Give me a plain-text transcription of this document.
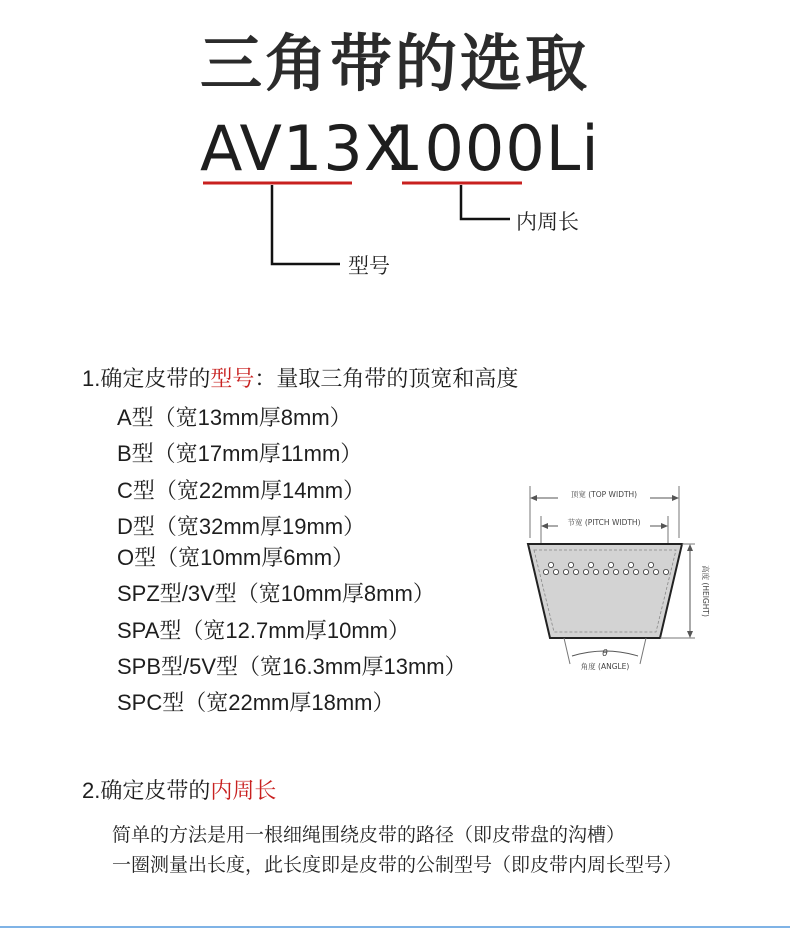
三角带的选取
AV13X
1000Li
型号
内周长
1.确定皮带的型号：量取三角带的顶宽和高度
A型（宽13mm厚8mm）
B型（宽17mm厚11mm）
C型（宽22mm厚14mm）
D型（宽32mm厚19mm）
O型（宽10mm厚6mm）
SPZ型/3V型（宽10mm厚8mm）
SPA型（宽12.7mm厚10mm）
SPB型/5V型（宽16.3mm厚13mm）
SPC型（宽22mm厚18mm）
顶宽 (TOP WIDTH)
节宽 (PITCH WIDTH)
高度 (HEIGHT)
θ
角度 (ANGLE)
2.确定皮带的内周长
简单的方法是用一根细绳围绕皮带的路径（即皮带盘的沟槽）
一圈测量出长度，此长度即是皮带的公制型号（即皮带内周长型号）
